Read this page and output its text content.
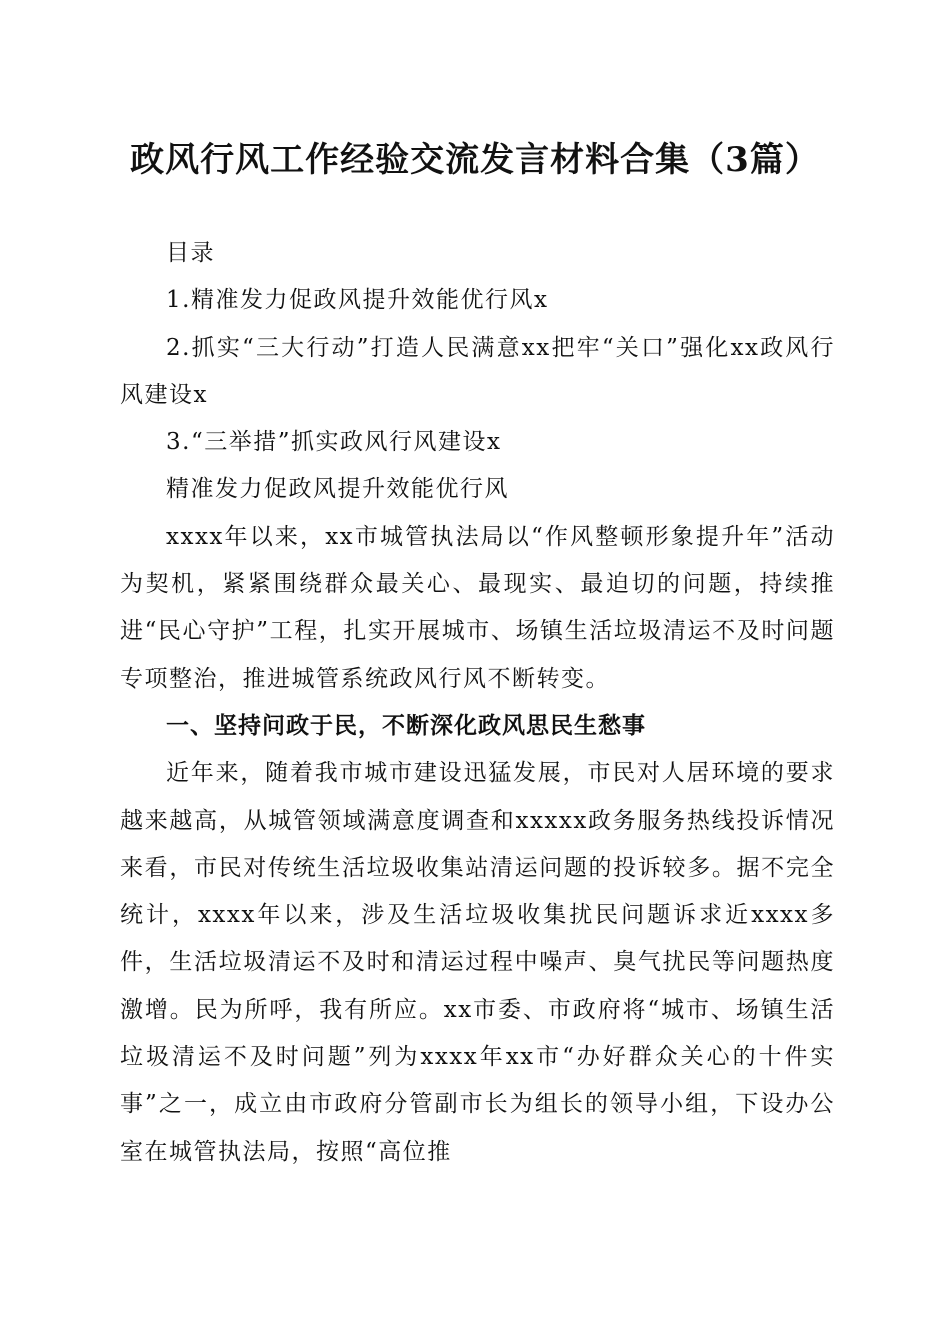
政风行风工作经验交流发言材料合集（3篇）

目录

1.精准发力促政风提升效能优行风x

2.抓实“三大行动”打造人民满意xx把牢“关口”强化xx政风行风建设x

3.“三举措”抓实政风行风建设x

精准发力促政风提升效能优行风

xxxx年以来，xx市城管执法局以“作风整顿形象提升年”活动为契机，紧紧围绕群众最关心、最现实、最迫切的问题，持续推进“民心守护”工程，扎实开展城市、场镇生活垃圾清运不及时问题专项整治，推进城管系统政风行风不断转变。

一、坚持问政于民，不断深化政风思民生愁事

近年来，随着我市城市建设迅猛发展，市民对人居环境的要求越来越高，从城管领域满意度调查和xxxxx政务服务热线投诉情况来看，市民对传统生活垃圾收集站清运问题的投诉较多。据不完全统计，xxxx年以来，涉及生活垃圾收集扰民问题诉求近xxxx多件，生活垃圾清运不及时和清运过程中噪声、臭气扰民等问题热度激增。民为所呼，我有所应。xx市委、市政府将“城市、场镇生活垃圾清运不及时问题”列为xxxx年xx市“办好群众关心的十件实事”之一，成立由市政府分管副市长为组长的领导小组，下设办公室在城管执法局，按照“高位推
